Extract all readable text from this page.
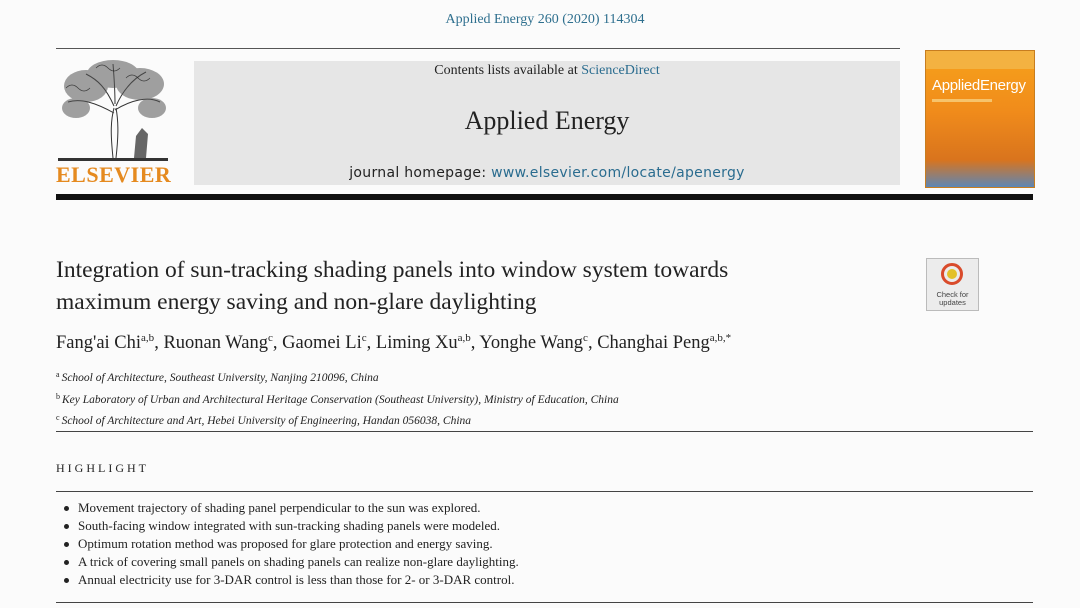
Applied Energy 260 (2020) 114304
ELSEVIER
Contents lists available at ScienceDirect
Applied Energy
journal homepage: www.elsevier.com/locate/apenergy
AppliedEnergy
Integration of sun-tracking shading panels into window system towards
maximum energy saving and non-glare daylighting	Check for
updates
Fang'ai Chi$^{a,b}$, Ruonan Wang$^c$, Gaomei Li$^c$, Liming Xu$^{a,b}$, Yonghe Wang$^c$, Changhai Peng$^{a,b,*}$
$^a$ School of Architecture, Southeast University, Nanjing 210096, China
$^b$ Key Laboratory of Urban and Architectural Heritage Conservation (Southeast University), Ministry of Education, China
$^c$ School of Architecture and Art, Hebei University of Engineering, Handan 056038, China
HIGHLIGHT
Movement trajectory of shading panel perpendicular to the sun was explored.
South-facing window integrated with sun-tracking shading panels were modeled.
Optimum rotation method was proposed for glare protection and energy saving.
A trick of covering small panels on shading panels can realize non-glare daylighting.
Annual electricity use for 3-DAR control is less than those for 2- or 3-DAR control.
